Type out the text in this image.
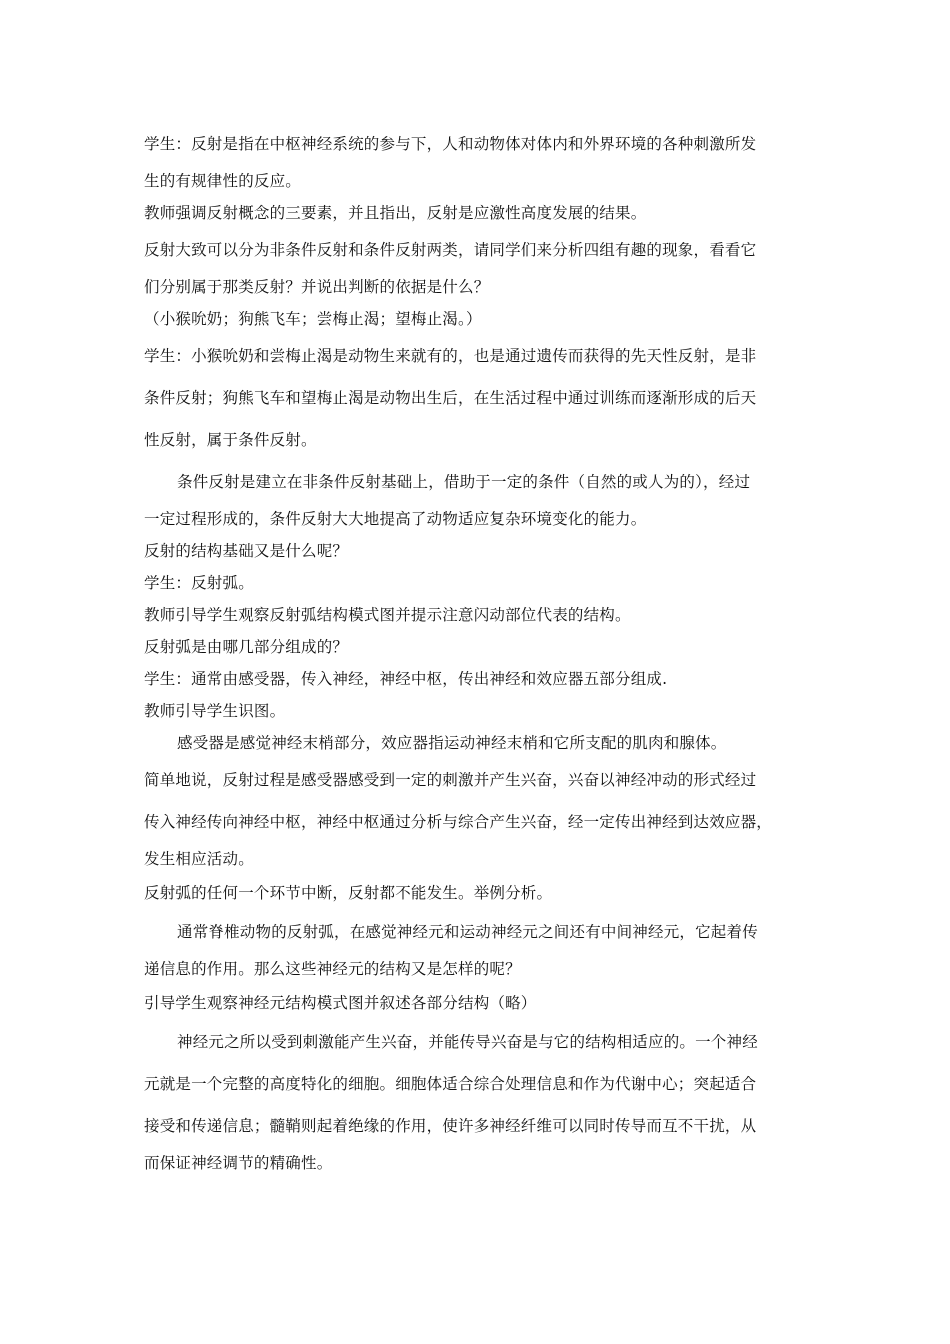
学生：反射是指在中枢神经系统的参与下，人和动物体对体内和外界环境的各种刺激所发
生的有规律性的反应。
教师强调反射概念的三要素，并且指出，反射是应激性高度发展的结果。
反射大致可以分为非条件反射和条件反射两类，请同学们来分析四组有趣的现象，看看它
们分别属于那类反射？并说出判断的依据是什么？
（小猴吮奶；狗熊飞车；尝梅止渴；望梅止渴。）
学生：小猴吮奶和尝梅止渴是动物生来就有的，也是通过遗传而获得的先天性反射，是非
条件反射；狗熊飞车和望梅止渴是动物出生后，在生活过程中通过训练而逐渐形成的后天
性反射，属于条件反射。
条件反射是建立在非条件反射基础上，借助于一定的条件（自然的或人为的），经过
一定过程形成的，条件反射大大地提高了动物适应复杂环境变化的能力。
反射的结构基础又是什么呢？
学生：反射弧。
教师引导学生观察反射弧结构模式图并提示注意闪动部位代表的结构。
反射弧是由哪几部分组成的？
学生：通常由感受器，传入神经，神经中枢，传出神经和效应器五部分组成.
教师引导学生识图。
感受器是感觉神经末梢部分，效应器指运动神经末梢和它所支配的肌肉和腺体。
简单地说，反射过程是感受器感受到一定的刺激并产生兴奋，兴奋以神经冲动的形式经过
传入神经传向神经中枢，神经中枢通过分析与综合产生兴奋，经一定传出神经到达效应器，
发生相应活动。
反射弧的任何一个环节中断，反射都不能发生。举例分析。
通常脊椎动物的反射弧，在感觉神经元和运动神经元之间还有中间神经元，它起着传
递信息的作用。那么这些神经元的结构又是怎样的呢？
引导学生观察神经元结构模式图并叙述各部分结构（略）
神经元之所以受到刺激能产生兴奋，并能传导兴奋是与它的结构相适应的。一个神经
元就是一个完整的高度特化的细胞。细胞体适合综合处理信息和作为代谢中心；突起适合
接受和传递信息；髓鞘则起着绝缘的作用，使许多神经纤维可以同时传导而互不干扰，从
而保证神经调节的精确性。
